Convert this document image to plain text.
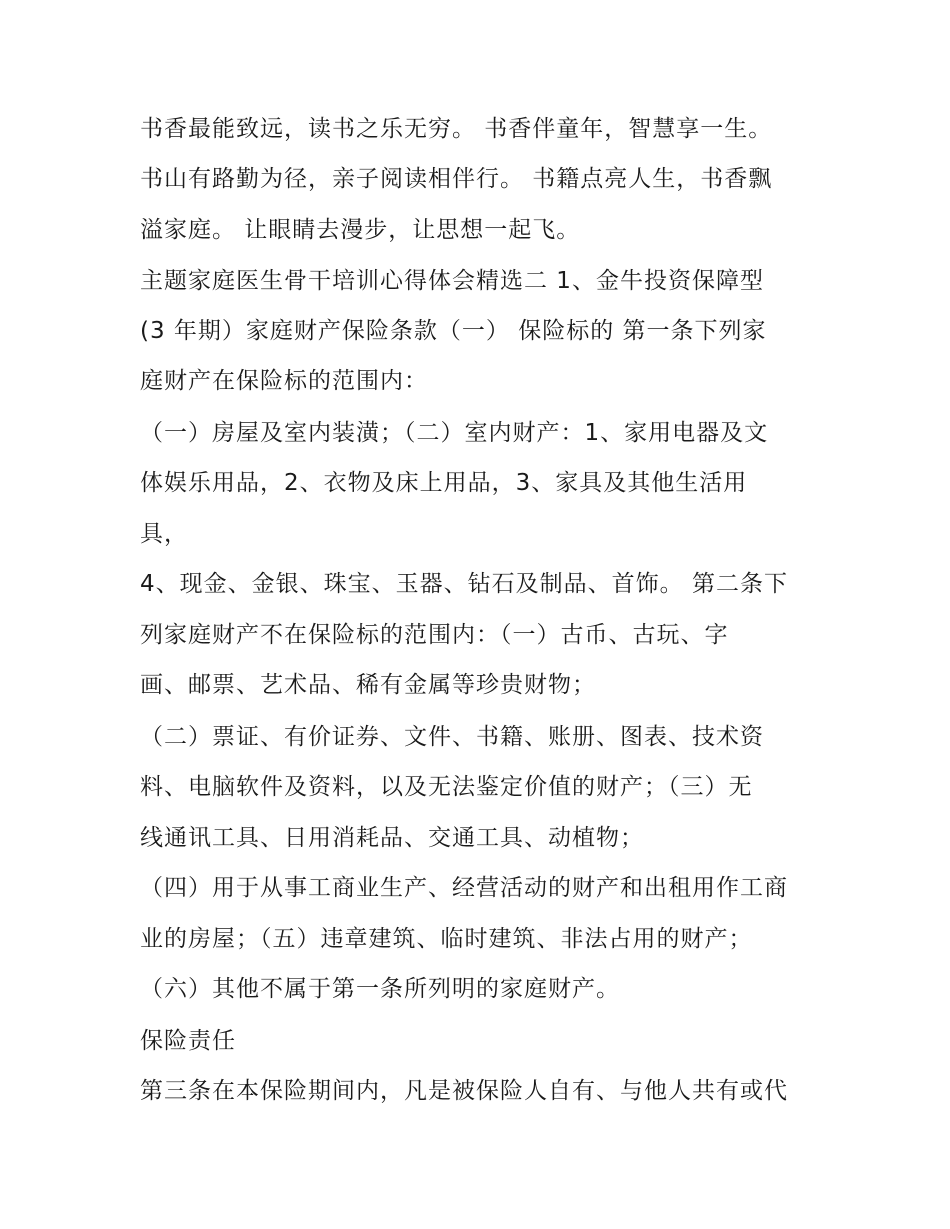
书香最能致远，读书之乐无穷。 书香伴童年，智慧享一生。
书山有路勤为径，亲子阅读相伴行。 书籍点亮人生，书香飘
溢家庭。 让眼睛去漫步，让思想一起飞。
主题家庭医生骨干培训心得体会精选二 1、金牛投资保障型
(3 年期）家庭财产保险条款（一） 保险标的 第一条下列家
庭财产在保险标的范围内：
（一）房屋及室内装潢；（二）室内财产：1、家用电器及文
体娱乐用品，2、衣物及床上用品，3、家具及其他生活用
具，
4、现金、金银、珠宝、玉器、钻石及制品、首饰。 第二条下
列家庭财产不在保险标的范围内：（一）古币、古玩、字
画、邮票、艺术品、稀有金属等珍贵财物；
（二）票证、有价证券、文件、书籍、账册、图表、技术资
料、电脑软件及资料，以及无法鉴定价值的财产；（三）无
线通讯工具、日用消耗品、交通工具、动植物；
（四）用于从事工商业生产、经营活动的财产和出租用作工商
业的房屋；（五）违章建筑、临时建筑、非法占用的财产；
（六）其他不属于第一条所列明的家庭财产。
保险责任
第三条在本保险期间内，凡是被保险人自有、与他人共有或代
